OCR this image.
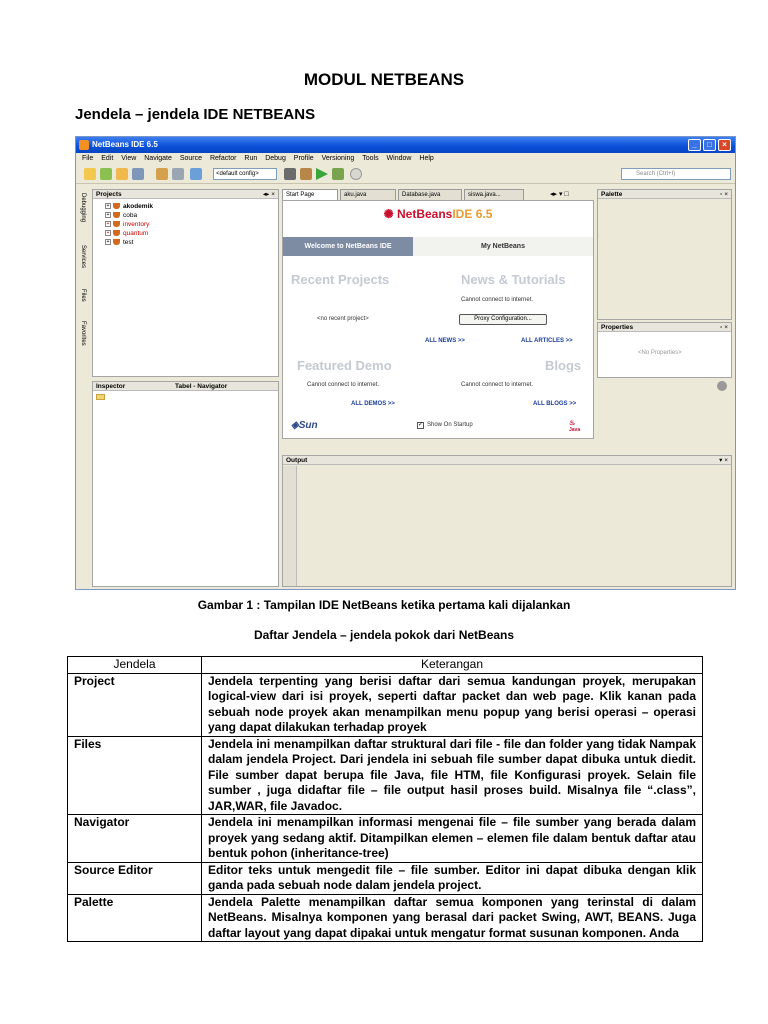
MODUL NETBEANS
Jendela – jendela IDE NETBEANS
NetBeans IDE 6.5	_	□	×
File Edit View Navigate Source Refactor Run Debug Profile Versioning Tools Window Help
<default config>	Search (Ctrl+I)
Debugging
Services
Files
Favorites
Projects	◂▸ ×
+ akodemik
+ coba
+ inventory
+ quantum
+ test
Inspector	Tabel - Navigator
Start Page	aku.java	Database.java	siswa.java...	◂▸ ▾ □
✺ NetBeansIDE 6.5
Welcome to NetBeans IDE	My NetBeans
Recent Projects
<no recent project>
News & Tutorials
Cannot connect to internet.
Proxy Configuration...
ALL NEWS >>	ALL ARTICLES >>
Featured Demo
Cannot connect to internet.
ALL DEMOS >>
Blogs
Cannot connect to internet.
ALL BLOGS >>
◈Sun	✓ Show On Startup	♨
Java
Palette	▫ ×
Properties	▫ ×
<No Properties>
Output	▾ ×
Gambar 1 : Tampilan IDE NetBeans ketika pertama kali dijalankan
Daftar Jendela – jendela pokok dari NetBeans
Jendela	Keterangan
Project	Jendela terpenting yang berisi daftar dari semua kandungan proyek, merupakan logical-view dari isi proyek, seperti daftar packet dan web page. Klik kanan pada sebuah node proyek akan menampilkan menu popup yang berisi operasi – operasi yang dapat dilakukan terhadap proyek
Files	Jendela ini menampilkan daftar struktural dari file - file dan folder yang tidak Nampak dalam jendela Project. Dari jendela ini sebuah file sumber dapat dibuka untuk diedit. File sumber dapat berupa file Java, file HTM, file Konfigurasi proyek. Selain file sumber , juga didaftar file – file output hasil proses build. Misalnya file “.class”, JAR,WAR, file Javadoc.
Navigator	Jendela ini menampilkan informasi mengenai file – file sumber yang berada dalam proyek yang sedang aktif. Ditampilkan elemen – elemen file dalam bentuk daftar atau bentuk pohon (inheritance-tree)
Source Editor	Editor teks untuk mengedit file – file sumber. Editor ini dapat dibuka dengan klik ganda pada sebuah node dalam jendela project.
Palette	Jendela Palette menampilkan daftar semua komponen yang terinstal di dalam NetBeans. Misalnya komponen yang berasal dari packet Swing, AWT, BEANS. Juga daftar layout yang dapat dipakai untuk mengatur format susunan komponen. Anda
